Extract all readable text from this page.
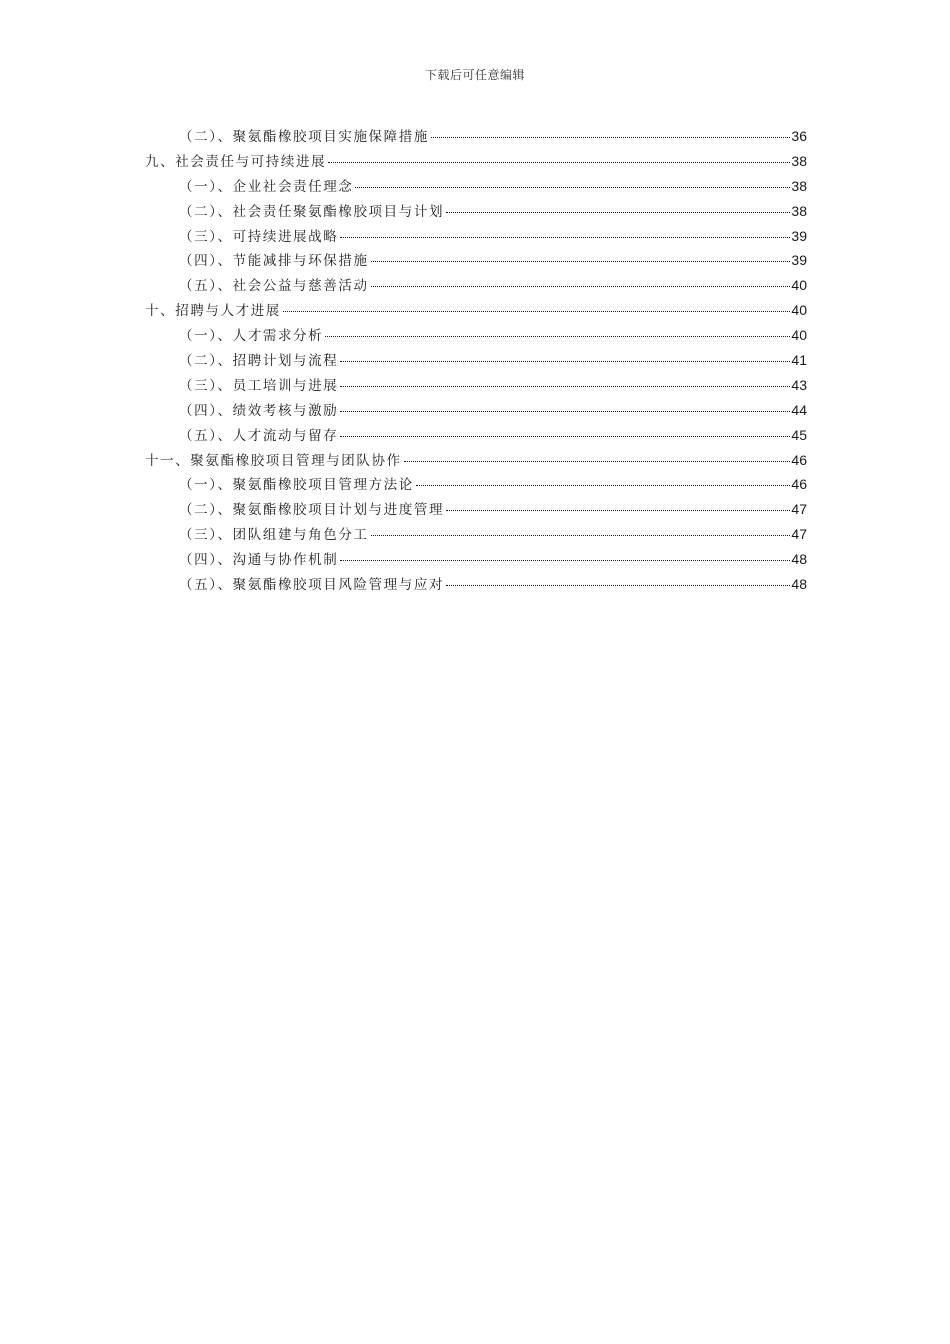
下载后可任意编辑
（二）、聚氨酯橡胶项目实施保障措施	36
九、社会责任与可持续进展	38
（一）、企业社会责任理念	38
（二）、社会责任聚氨酯橡胶项目与计划	38
（三）、可持续进展战略	39
（四）、节能减排与环保措施	39
（五）、社会公益与慈善活动	40
十、招聘与人才进展	40
（一）、人才需求分析	40
（二）、招聘计划与流程	41
（三）、员工培训与进展	43
（四）、绩效考核与激励	44
（五）、人才流动与留存	45
十一、聚氨酯橡胶项目管理与团队协作	46
（一）、聚氨酯橡胶项目管理方法论	46
（二）、聚氨酯橡胶项目计划与进度管理	47
（三）、团队组建与角色分工	47
（四）、沟通与协作机制	48
（五）、聚氨酯橡胶项目风险管理与应对	48
